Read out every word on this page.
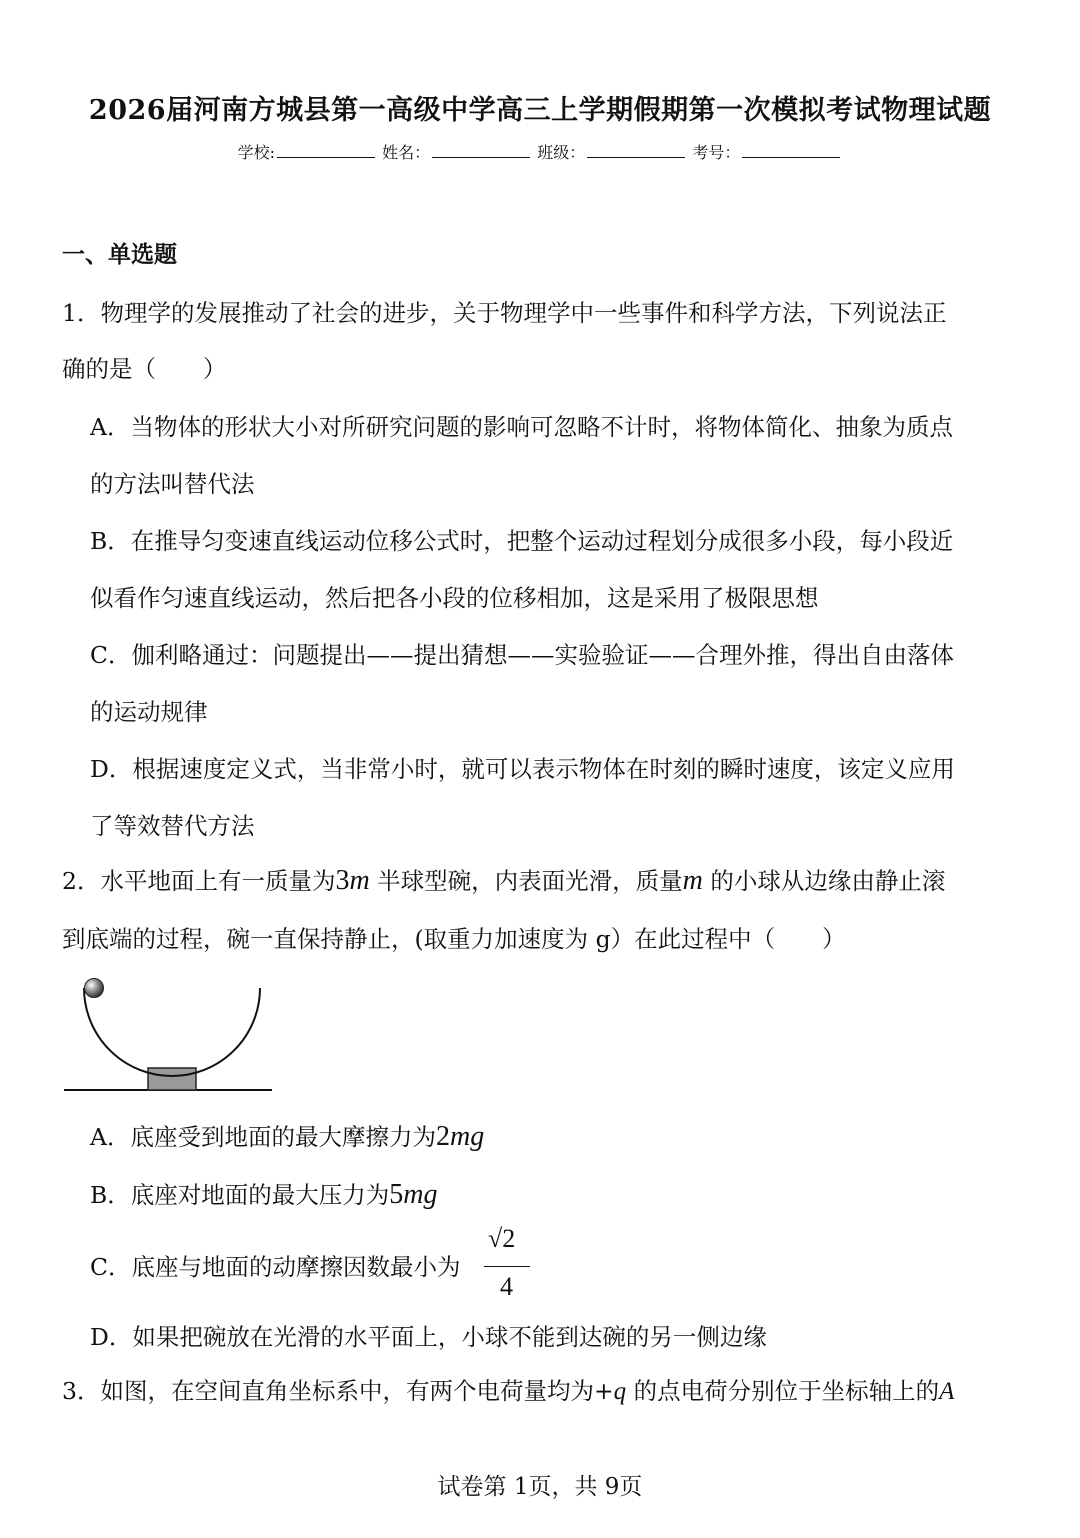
2026届河南方城县第一高级中学高三上学期假期第一次模拟考试物理试题
学校:	姓名：	班级：	考号：
一、单选题
1．物理学的发展推动了社会的进步，关于物理学中一些事件和科学方法，下列说法正
确的是（　　）
A．当物体的形状大小对所研究问题的影响可忽略不计时，将物体简化、抽象为质点
的方法叫替代法
B．在推导匀变速直线运动位移公式时，把整个运动过程划分成很多小段，每小段近
似看作匀速直线运动，然后把各小段的位移相加，这是采用了极限思想
C．伽利略通过：问题提出——提出猜想——实验验证——合理外推，得出自由落体
的运动规律
D．根据速度定义式，当非常小时，就可以表示物体在时刻的瞬时速度，该定义应用
了等效替代方法
2．水平地面上有一质量为3m 半球型碗，内表面光滑，质量m 的小球从边缘由静止滚
到底端的过程，碗一直保持静止，(取重力加速度为 g）在此过程中（　　）
A．底座受到地面的最大摩擦力为2mg
B．底座对地面的最大压力为5mg
C．底座与地面的动摩擦因数最小为
√2
4
D．如果把碗放在光滑的水平面上，小球不能到达碗的另一侧边缘
3．如图，在空间直角坐标系中，有两个电荷量均为+q 的点电荷分别位于坐标轴上的A
试卷第 1页，共 9页
